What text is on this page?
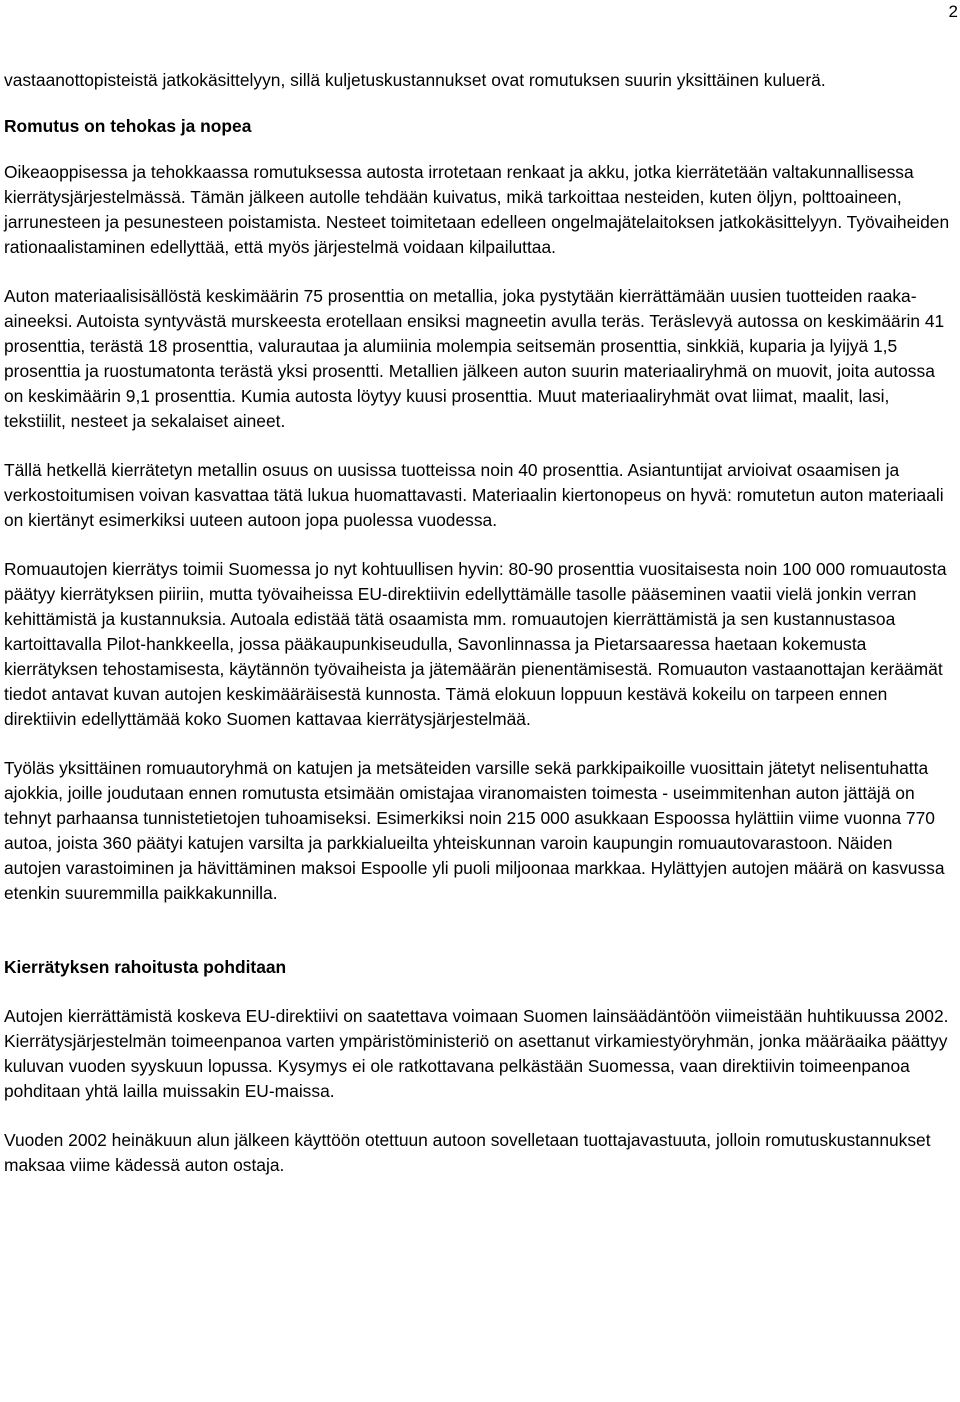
2

vastaanottopisteistä jatkokäsittelyyn, sillä kuljetuskustannukset ovat romutuksen suurin yksittäinen kuluerä.

Romutus on tehokas ja nopea

Oikeaoppisessa ja tehokkaassa romutuksessa autosta irrotetaan renkaat ja akku, jotka kierrätetään valtakunnallisessa kierrätysjärjestelmässä. Tämän jälkeen autolle tehdään kuivatus, mikä tarkoittaa nesteiden, kuten öljyn, polttoaineen, jarrunesteen ja pesunesteen poistamista. Nesteet toimitetaan edelleen ongelmajätelaitoksen jatkokäsittelyyn. Työvaiheiden rationaalistaminen edellyttää, että myös järjestelmä voidaan kilpailuttaa.

Auton materiaalisisällöstä keskimäärin 75 prosenttia on metallia, joka pystytään kierrättämään uusien tuotteiden raaka-aineeksi. Autoista syntyvästä murskeesta erotellaan ensiksi magneetin avulla teräs. Teräslevyä autossa on keskimäärin 41 prosenttia, terästä 18 prosenttia, valurautaa ja alumiinia molempia seitsemän prosenttia, sinkkiä, kuparia ja lyijyä 1,5 prosenttia ja ruostumatonta terästä yksi prosentti. Metallien jälkeen auton suurin materiaaliryhmä on muovit, joita autossa on keskimäärin 9,1 prosenttia. Kumia autosta löytyy kuusi prosenttia. Muut materiaaliryhmät ovat liimat, maalit, lasi, tekstiilit, nesteet ja sekalaiset aineet.

Tällä hetkellä kierrätetyn metallin osuus on uusissa tuotteissa noin 40 prosenttia. Asiantuntijat arvioivat osaamisen ja verkostoitumisen voivan kasvattaa tätä lukua huomattavasti. Materiaalin kiertonopeus on hyvä: romutetun auton materiaali on kiertänyt esimerkiksi uuteen autoon jopa puolessa vuodessa.

Romuautojen kierrätys toimii Suomessa jo nyt kohtuullisen hyvin: 80-90 prosenttia vuositaisesta noin 100 000 romuautosta päätyy kierrätyksen piiriin, mutta työvaiheissa EU-direktiivin edellyttämälle tasolle pääseminen vaatii vielä jonkin verran kehittämistä ja kustannuksia. Autoala edistää tätä osaamista mm. romuautojen kierrättämistä ja sen kustannustasoa kartoittavalla Pilot-hankkeella, jossa pääkaupunkiseudulla, Savonlinnassa ja Pietarsaaressa haetaan kokemusta kierrätyksen tehostamisesta, käytännön työvaiheista ja jätemäärän pienentämisestä. Romuauton vastaanottajan keräämät tiedot antavat kuvan autojen keskimääräisestä kunnosta. Tämä elokuun loppuun kestävä kokeilu on tarpeen ennen direktiivin edellyttämää koko Suomen kattavaa kierrätysjärjestelmää.

Työläs yksittäinen romuautoryhmä on katujen ja metsäteiden varsille sekä parkkipaikoille vuosittain jätetyt nelisentuhatta ajokkia, joille joudutaan ennen romutusta etsimään omistajaa viranomaisten toimesta - useimmitenhan auton jättäjä on tehnyt parhaansa tunnistetietojen tuhoamiseksi. Esimerkiksi noin 215 000 asukkaan Espoossa hylättiin viime vuonna 770 autoa, joista 360 päätyi katujen varsilta ja parkkialueilta yhteiskunnan varoin kaupungin romuautovarastoon. Näiden autojen varastoiminen ja hävittäminen maksoi Espoolle yli puoli miljoonaa markkaa. Hylättyjen autojen määrä on kasvussa etenkin suuremmilla paikkakunnilla.

Kierrätyksen rahoitusta pohditaan

Autojen kierrättämistä koskeva EU-direktiivi on saatettava voimaan Suomen lainsäädäntöön viimeistään huhtikuussa 2002. Kierrätysjärjestelmän toimeenpanoa varten ympäristöministeriö on asettanut virkamiestyöryhmän, jonka määräaika päättyy kuluvan vuoden syyskuun lopussa. Kysymys ei ole ratkottavana pelkästään Suomessa, vaan direktiivin toimeenpanoa pohditaan yhtä lailla muissakin EU-maissa.

Vuoden 2002 heinäkuun alun jälkeen käyttöön otettuun autoon sovelletaan tuottajavastuuta, jolloin romutuskustannukset maksaa viime kädessä auton ostaja.
